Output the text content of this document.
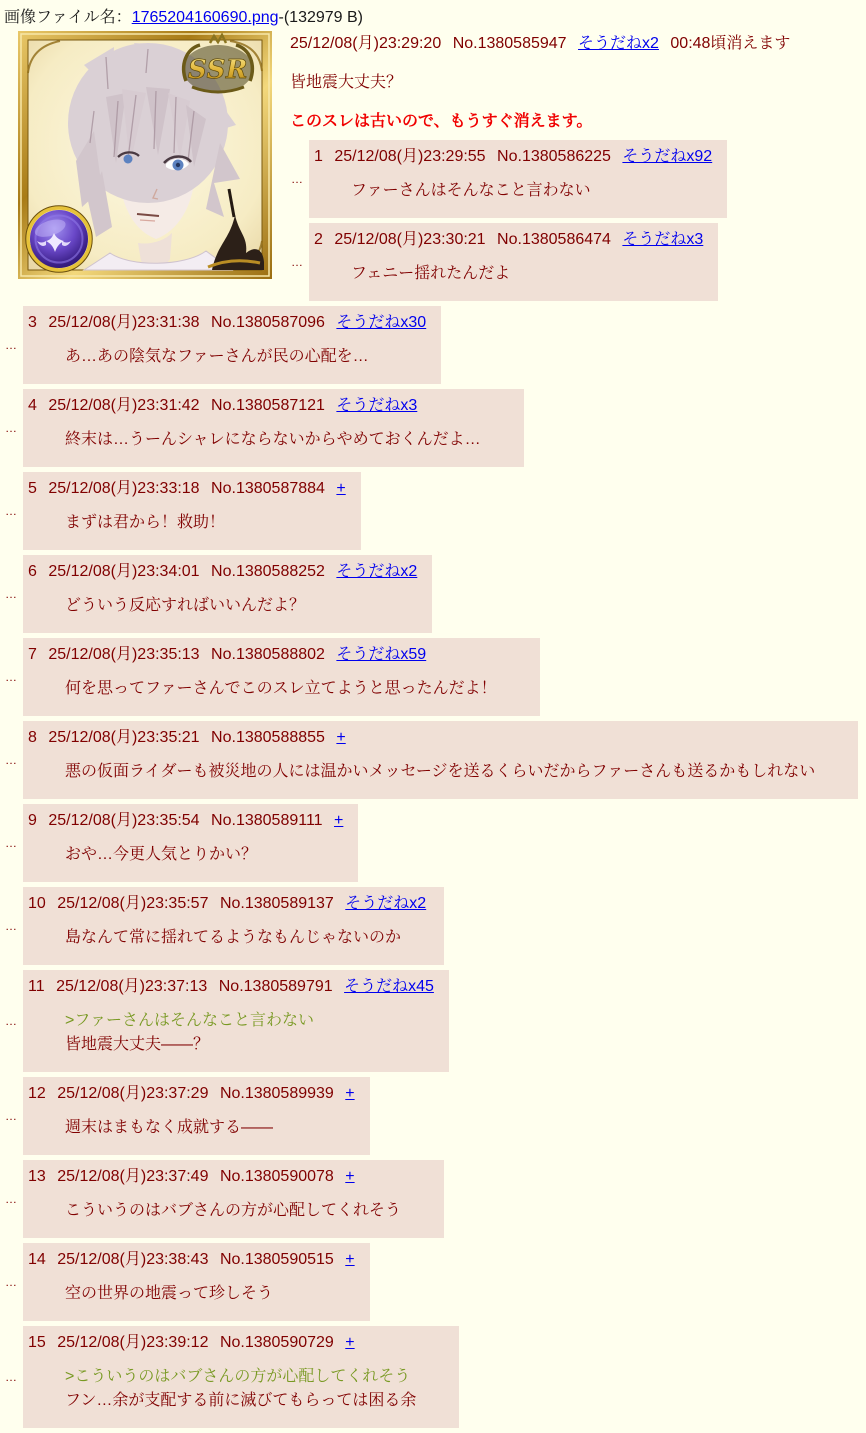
画像ファイル名：1765204160690.png-(132979 B)
SSR
25/12/08(月)23:29:20 No.1380585947 そうだねx2 00:48頃消えます
皆地震大丈夫？
このスレは古いので、もうすぐ消えます。
…
1 25/12/08(月)23:29:55 No.1380586225 そうだねx92
ファーさんはそんなこと言わない
…
2 25/12/08(月)23:30:21 No.1380586474 そうだねx3
フェニー揺れたんだよ
…
3 25/12/08(月)23:31:38 No.1380587096 そうだねx30
あ…あの陰気なファーさんが民の心配を…
…
4 25/12/08(月)23:31:42 No.1380587121 そうだねx3
終末は…うーんシャレにならないからやめておくんだよ…
…
5 25/12/08(月)23:33:18 No.1380587884 +
まずは君から！救助！
…
6 25/12/08(月)23:34:01 No.1380588252 そうだねx2
どういう反応すればいいんだよ？
…
7 25/12/08(月)23:35:13 No.1380588802 そうだねx59
何を思ってファーさんでこのスレ立てようと思ったんだよ！
…
8 25/12/08(月)23:35:21 No.1380588855 +
悪の仮面ライダーも被災地の人には温かいメッセージを送るくらいだからファーさんも送るかもしれない
…
9 25/12/08(月)23:35:54 No.1380589111 +
おや…今更人気とりかい？
…
10 25/12/08(月)23:35:57 No.1380589137 そうだねx2
島なんて常に揺れてるようなもんじゃないのか
…
11 25/12/08(月)23:37:13 No.1380589791 そうだねx45
>ファーさんはそんなこと言わない
皆地震大丈夫――？
…
12 25/12/08(月)23:37:29 No.1380589939 +
週末はまもなく成就する――
…
13 25/12/08(月)23:37:49 No.1380590078 +
こういうのはバブさんの方が心配してくれそう
…
14 25/12/08(月)23:38:43 No.1380590515 +
空の世界の地震って珍しそう
…
15 25/12/08(月)23:39:12 No.1380590729 +
>こういうのはバブさんの方が心配してくれそう
フン…余が支配する前に滅びてもらっては困る余
